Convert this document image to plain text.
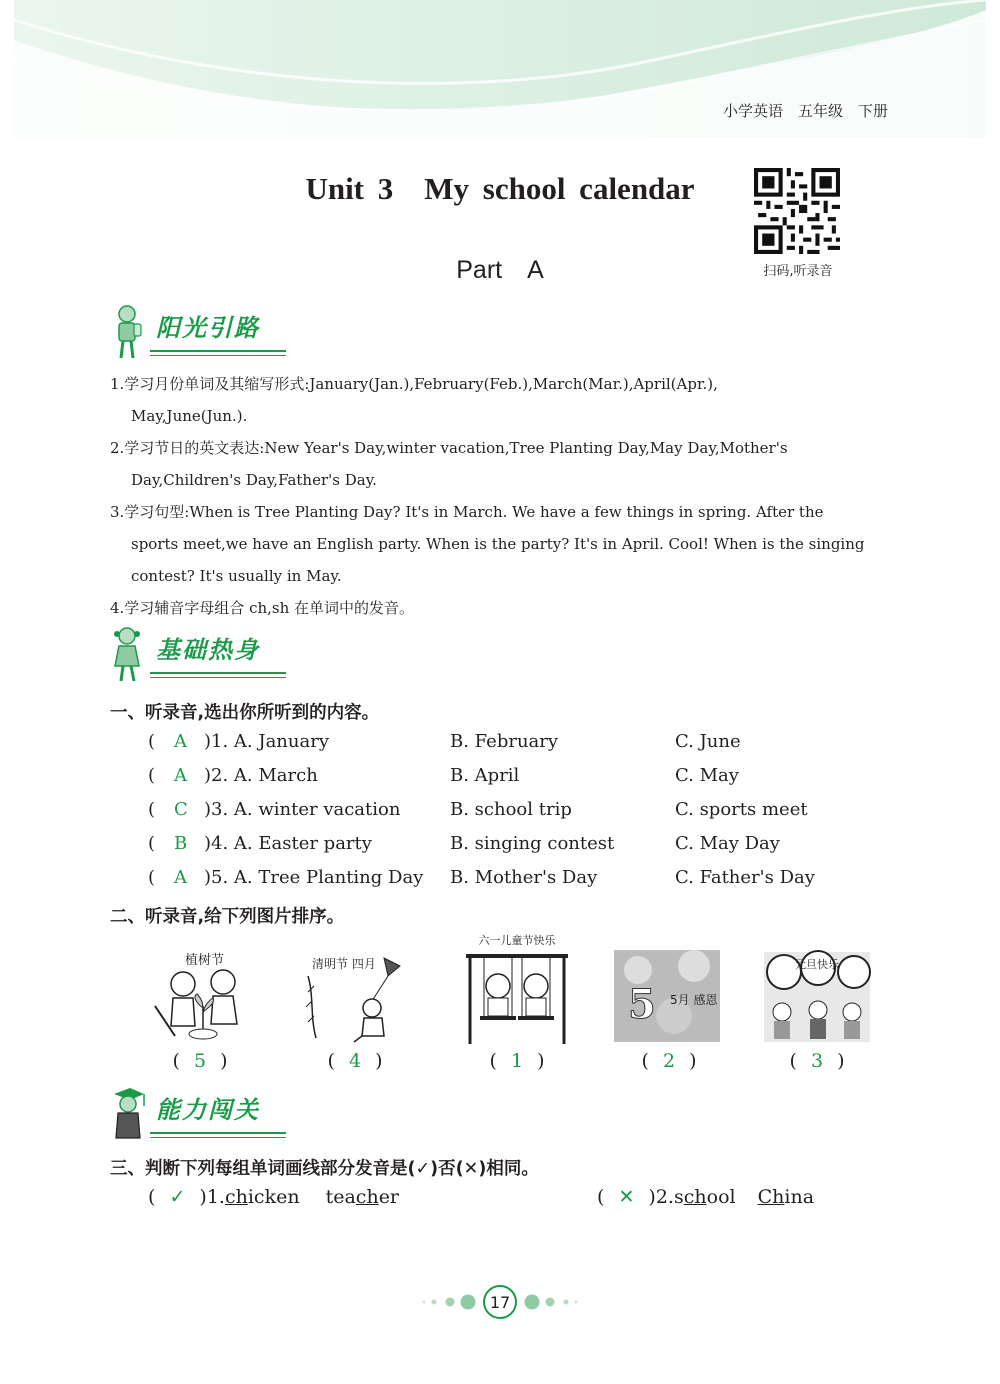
小学英语　五年级　下册
Unit 3　My school calendar
Part　A	扫码,听录音
阳光引路
1.学习月份单词及其缩写形式:January(Jan.),February(Feb.),March(Mar.),April(Apr.),
May,June(Jun.).
2.学习节日的英文表达:New Year's Day,winter vacation,Tree Planting Day,May Day,Mother's
Day,Children's Day,Father's Day.
3.学习句型:When is Tree Planting Day? It's in March. We have a few things in spring. After the
sports meet,we have an English party. When is the party? It's in April. Cool! When is the singing
contest? It's usually in May.
4.学习辅音字母组合 ch,sh 在单词中的发音。
基础热身
一、听录音,选出你所听到的内容。
( A )1. A. January	B. February	C. June
( A )2. A. March	B. April	C. May
( C )3. A. winter vacation	B. school trip	C. sports meet
( B )4. A. Easter party	B. singing contest	C. May Day
( A )5. A. Tree Planting Day B. Mother's Day	C. Father's Day
二、听录音,给下列图片排序。
植树节
( 5 )
清明节 四月
( 4 )
六一儿童节快乐
( 1 )
5 5月 感恩
( 2 )
元旦快乐
( 3 )
能力闯关
三、判断下列每组单词画线部分发音是(✓)否(✕)相同。
( ✓ )1.chicken teacher	( ✕ )2.school China
17
